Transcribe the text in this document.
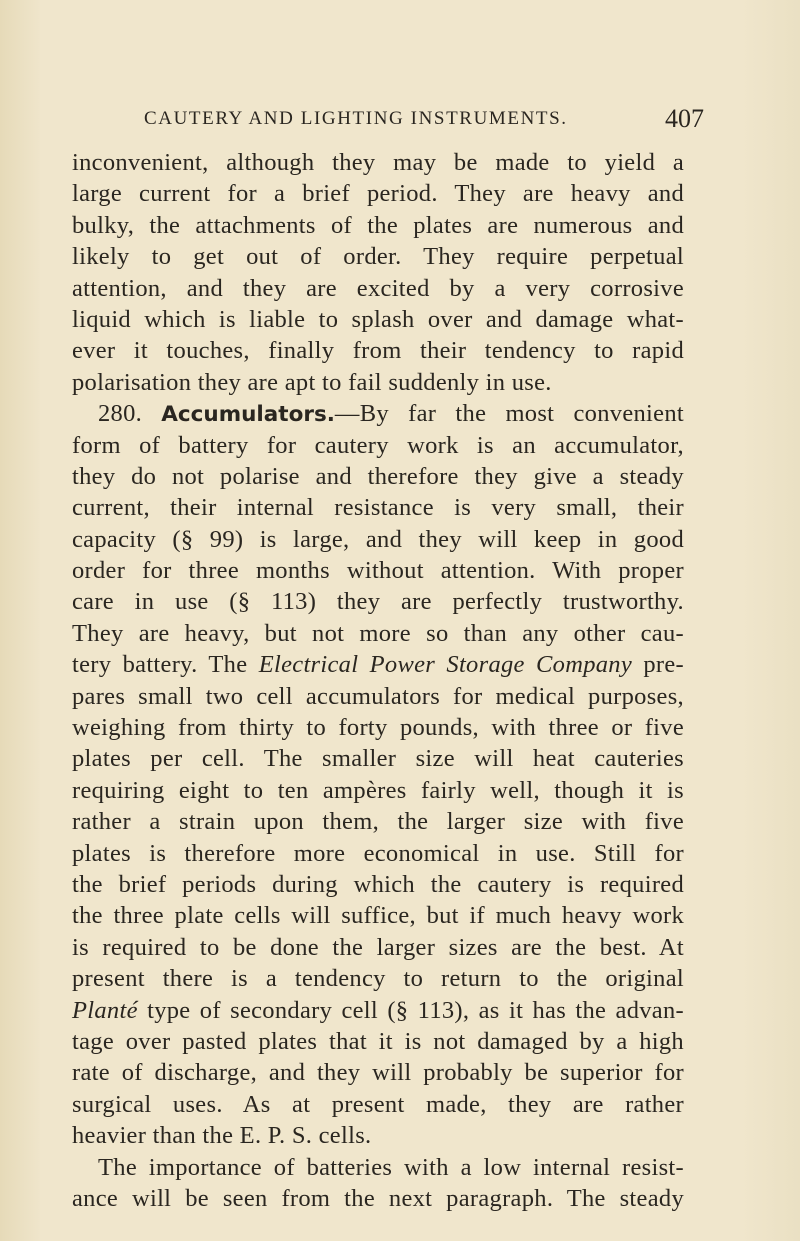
CAUTERY AND LIGHTING INSTRUMENTS.	407
inconvenient, although they may be made to yield a
large current for a brief period. They are heavy and
bulky, the attachments of the plates are numerous and
likely to get out of order. They require perpetual
attention, and they are excited by a very corrosive
liquid which is liable to splash over and damage what-
ever it touches, finally from their tendency to rapid
polarisation they are apt to fail suddenly in use.
280. Accumulators.—By far the most convenient
form of battery for cautery work is an accumulator,
they do not polarise and therefore they give a steady
current, their internal resistance is very small, their
capacity (§ 99) is large, and they will keep in good
order for three months without attention. With proper
care in use (§ 113) they are perfectly trustworthy.
They are heavy, but not more so than any other cau-
tery battery. The Electrical Power Storage Company pre-
pares small two cell accumulators for medical purposes,
weighing from thirty to forty pounds, with three or five
plates per cell. The smaller size will heat cauteries
requiring eight to ten ampères fairly well, though it is
rather a strain upon them, the larger size with five
plates is therefore more economical in use. Still for
the brief periods during which the cautery is required
the three plate cells will suffice, but if much heavy work
is required to be done the larger sizes are the best. At
present there is a tendency to return to the original
Planté type of secondary cell (§ 113), as it has the advan-
tage over pasted plates that it is not damaged by a high
rate of discharge, and they will probably be superior for
surgical uses. As at present made, they are rather
heavier than the E. P. S. cells.
The importance of batteries with a low internal resist-
ance will be seen from the next paragraph. The steady
